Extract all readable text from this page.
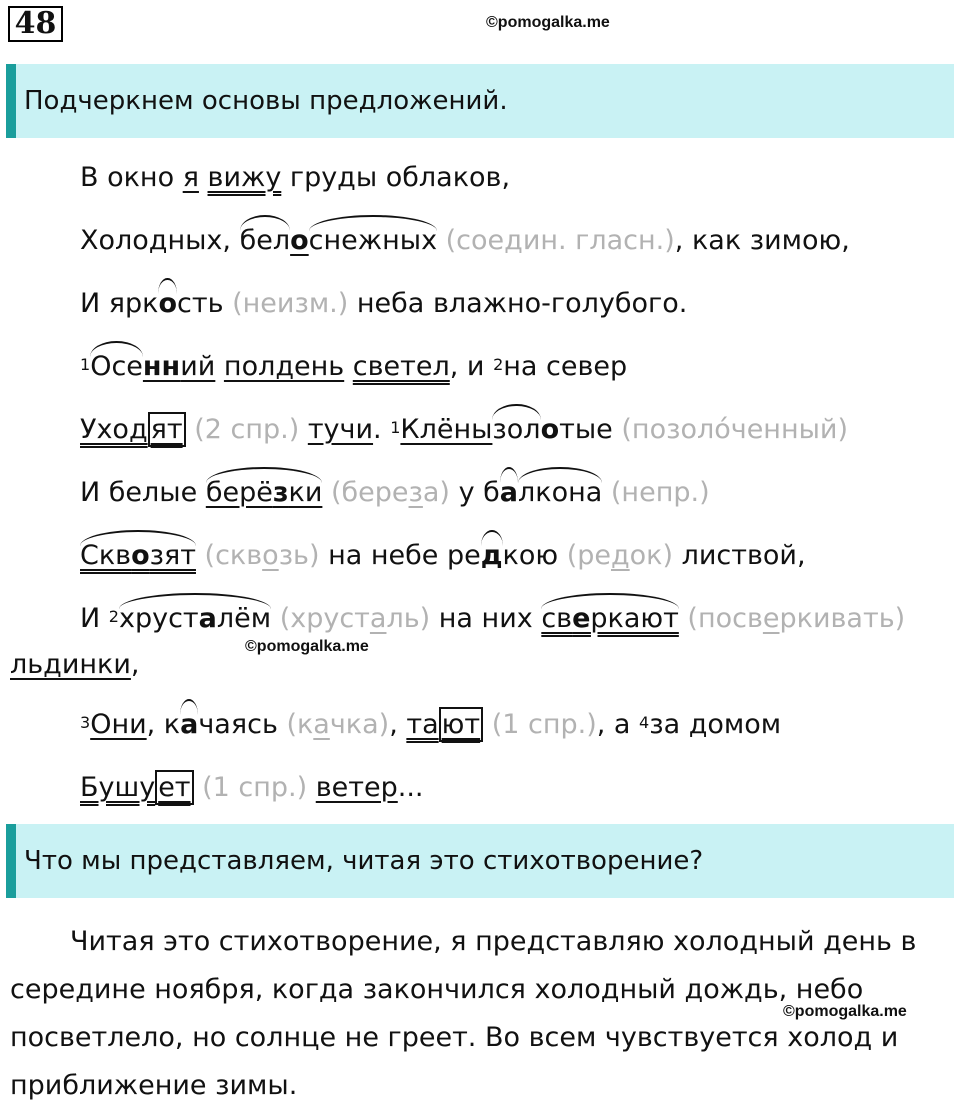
48	©pomogalka.me
Подчеркнем основы предложений.
В окно я вижу груды облаков,
Холодных, белоснежных (соедин. гласн.), как зимою,
И яркость (неизм.) неба влажно-голубого.
$^1$Осенний полдень светел, и $^2$на север
Уход ят (2 спр.) тучи. $^1$Клёнызолотые (позоло́ченный)
И белые берёзки (береза) у балкона (непр.)
Сквозят (сквозь) на небе редкою (редок) листвой,
И $^2$хрусталём (хрусталь) на них сверкают (посверкивать)
льдинки,
$^3$Они, качаясь (качка), та ют (1 спр.), а $^4$за домом
Бушу ет (1 спр.) ветер...
©pomogalka.me
Что мы представляем, читая это стихотворение?

Читая это стихотворение, я представляю холодный день в середине ноября, когда закончился холодный дождь, небо посветлело, но солнце не греет. Во всем чувствуется холод и приближение зимы.

©pomogalka.me
